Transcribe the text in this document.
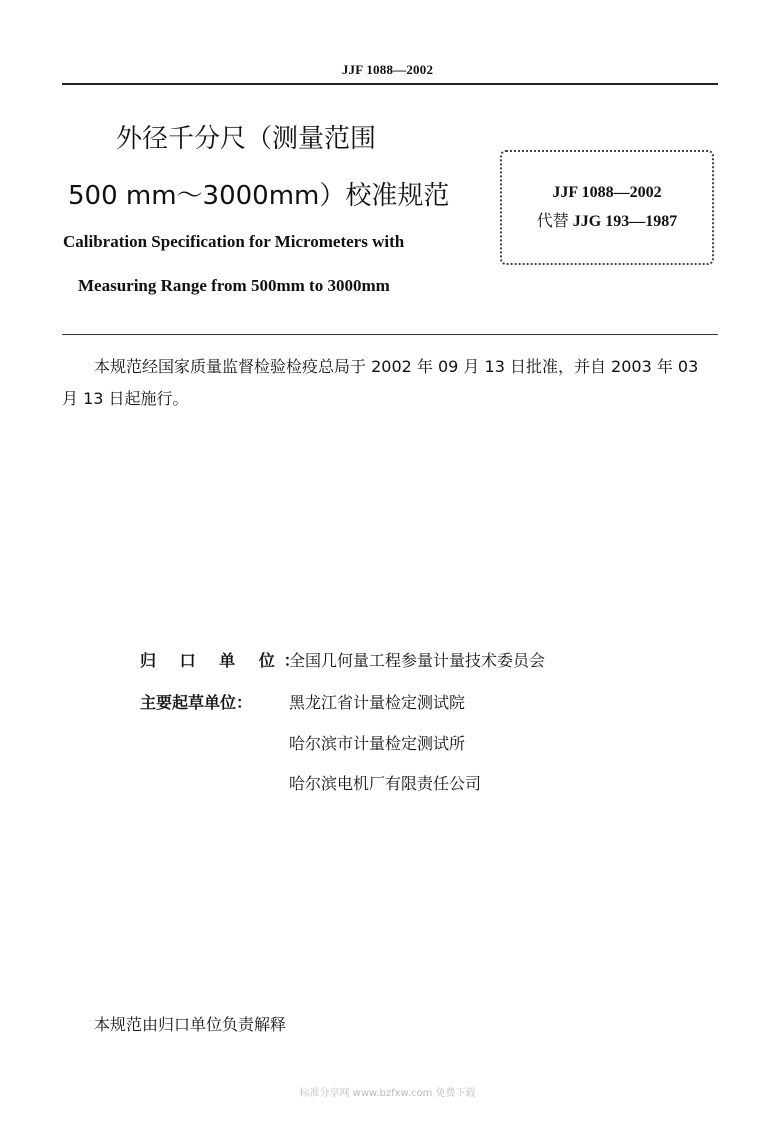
JJF 1088—2002
外径千分尺（测量范围
500 mm～3000mm）校准规范
Calibration Specification for Micrometers with
Measuring Range from 500mm to 3000mm
JJF 1088—2002
代替 JJG 193—1987
本规范经国家质量监督检验检疫总局于 2002 年 09 月 13 日批准，并自 2003 年 03 月 13 日起施行。
归 口 单 位：
全国几何量工程参量计量技术委员会
主要起草单位： 黑龙江省计量检定测试院
哈尔滨市计量检定测试所
哈尔滨电机厂有限责任公司
本规范由归口单位负责解释
标准分享网 www.bzfxw.com 免费下载
